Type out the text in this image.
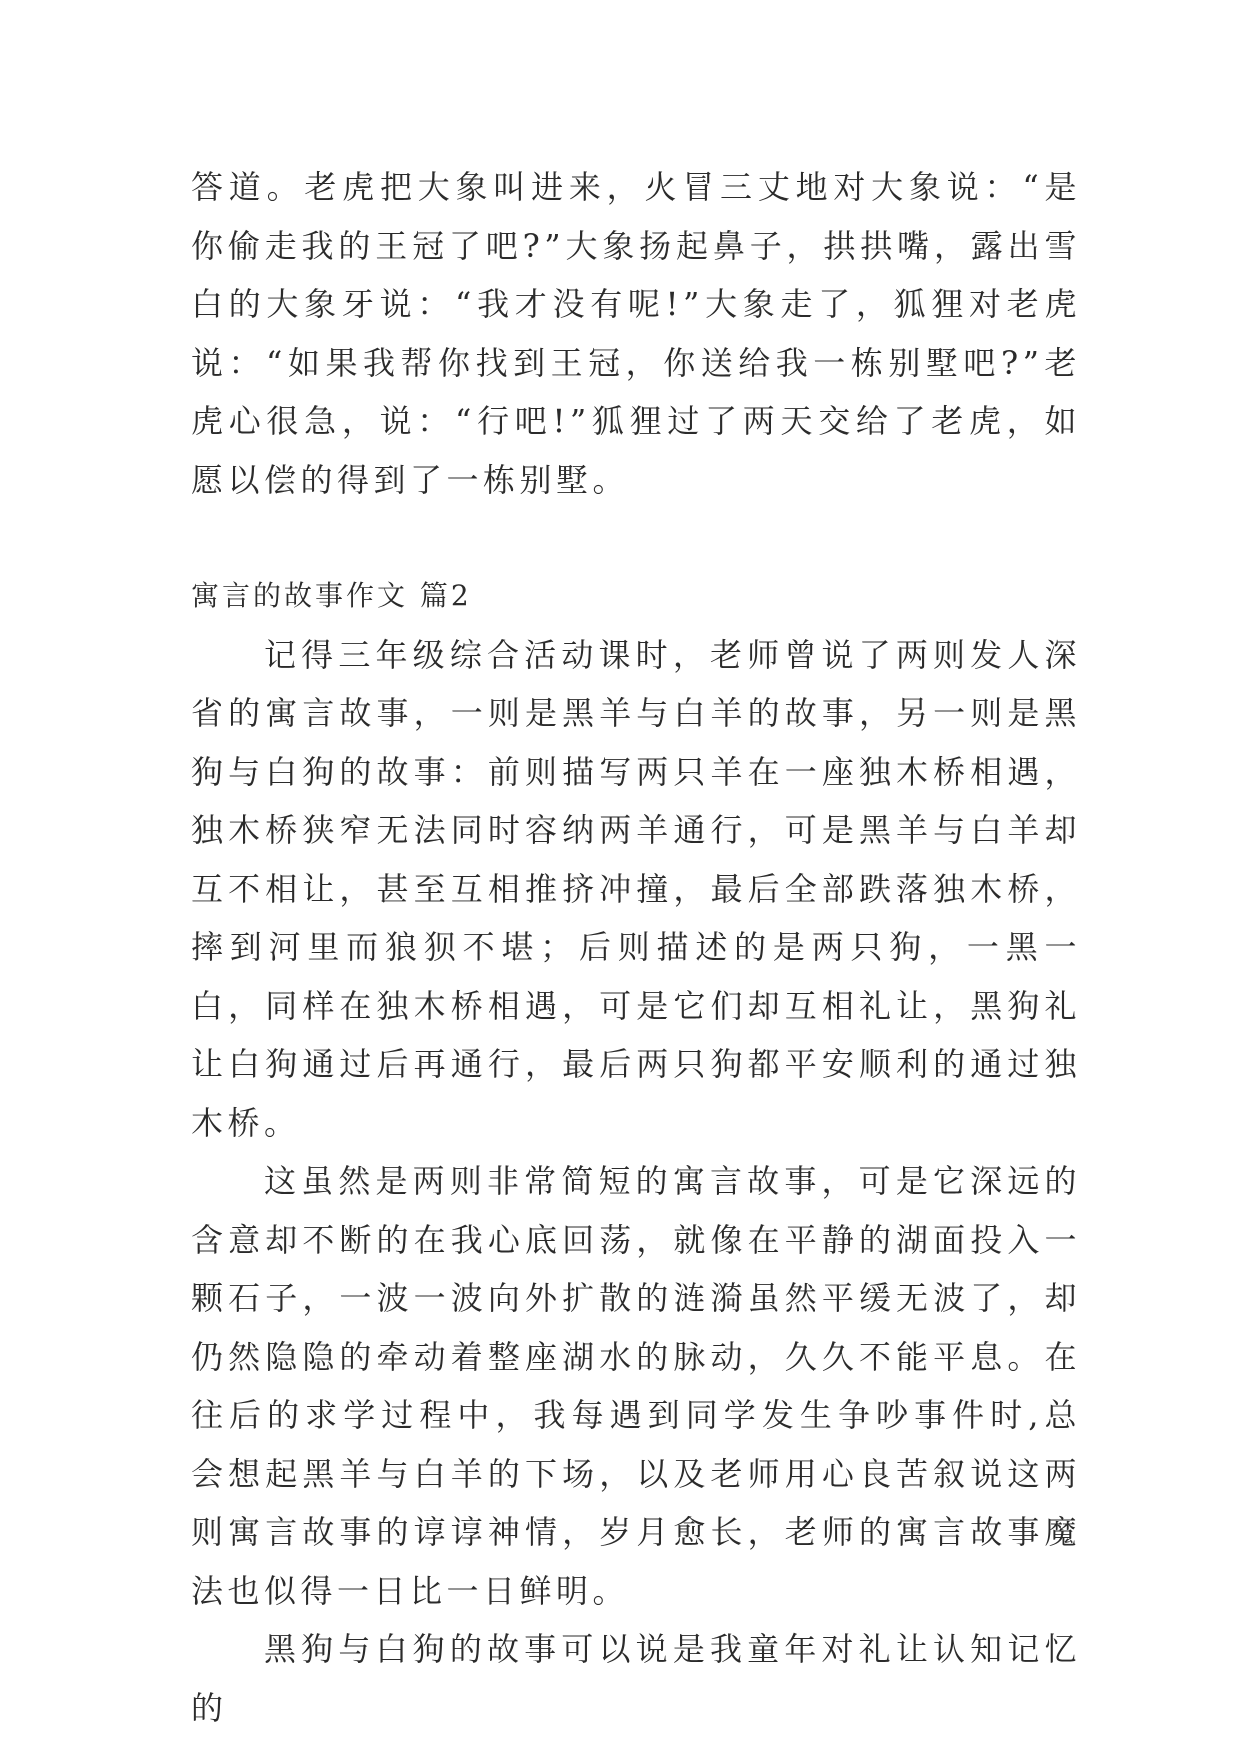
答道。老虎把大象叫进来，火冒三丈地对大象说：“是你偷走我的王冠了吧?”大象扬起鼻子，拱拱嘴，露出雪白的大象牙说：“我才没有呢!”大象走了，狐狸对老虎说：“如果我帮你找到王冠，你送给我一栋别墅吧?”老虎心很急，说：“行吧!”狐狸过了两天交给了老虎，如愿以偿的得到了一栋别墅。

寓言的故事作文 篇2

记得三年级综合活动课时，老师曾说了两则发人深省的寓言故事，一则是黑羊与白羊的故事，另一则是黑狗与白狗的故事：前则描写两只羊在一座独木桥相遇，独木桥狭窄无法同时容纳两羊通行，可是黑羊与白羊却互不相让，甚至互相推挤冲撞，最后全部跌落独木桥，摔到河里而狼狈不堪；后则描述的是两只狗，一黑一白，同样在独木桥相遇，可是它们却互相礼让，黑狗礼让白狗通过后再通行，最后两只狗都平安顺利的通过独木桥。

这虽然是两则非常简短的寓言故事，可是它深远的含意却不断的在我心底回荡，就像在平静的湖面投入一颗石子，一波一波向外扩散的涟漪虽然平缓无波了，却仍然隐隐的牵动着整座湖水的脉动，久久不能平息。在往后的求学过程中，我每遇到同学发生争吵事件时,总会想起黑羊与白羊的下场，以及老师用心良苦叙说这两则寓言故事的谆谆神情，岁月愈长，老师的寓言故事魔法也似得一日比一日鲜明。

黑狗与白狗的故事可以说是我童年对礼让认知记忆的
